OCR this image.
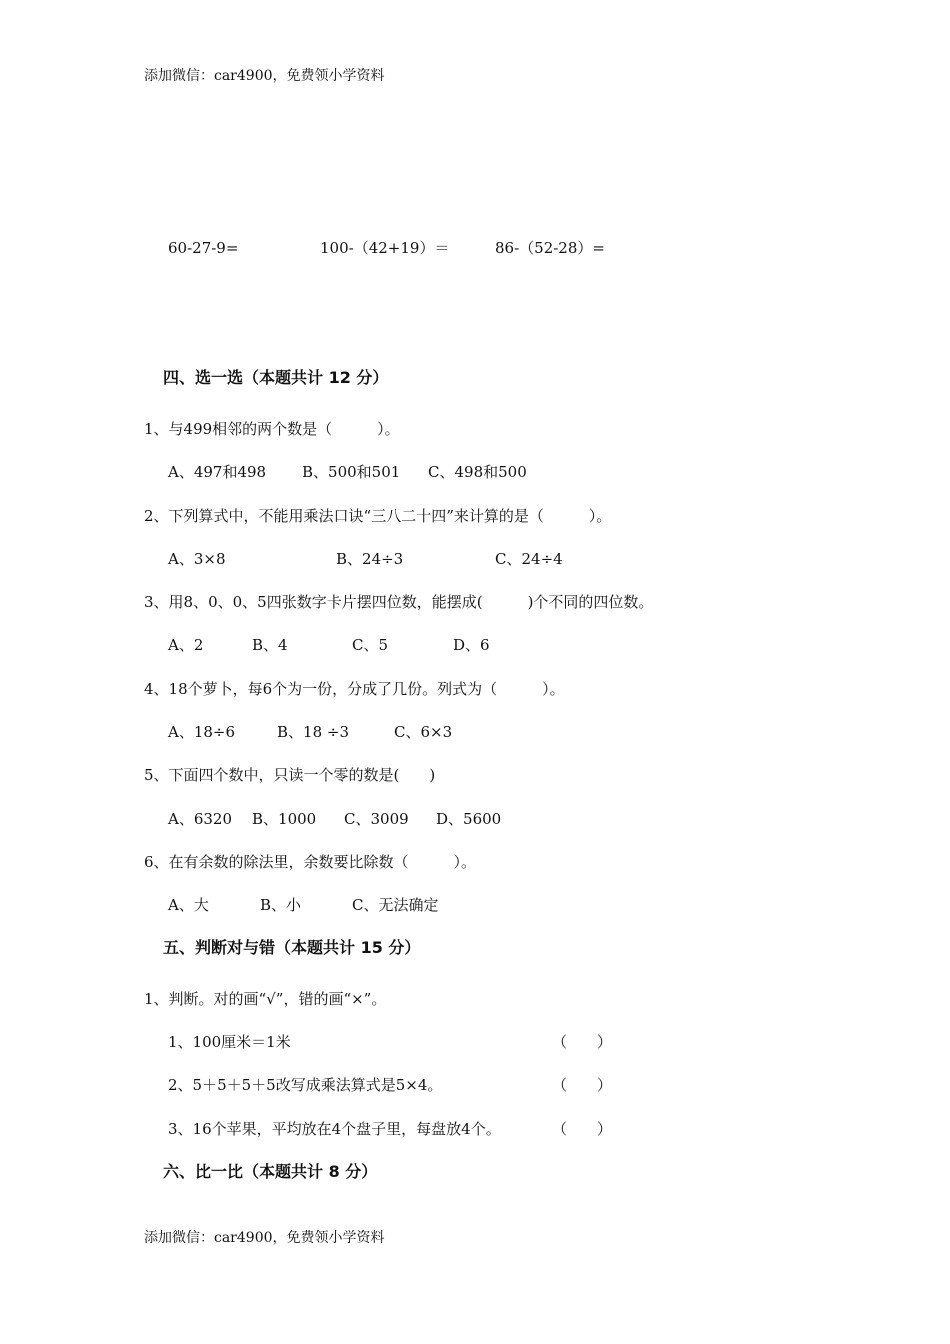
添加微信：car4900，免费领小学资料
60-27-9=	100-（42+19）＝	86-（52-28）=
四、选一选（本题共计 12 分）
1、与499相邻的两个数是（　　　）。
A、497和498 B、500和501 C、498和500
2、下列算式中，不能用乘法口诀“三八二十四”来计算的是（　　　）。
A、3×8	B、24÷3	C、24÷4
3、用8、0、0、5四张数字卡片摆四位数，能摆成(　　　)个不同的四位数。
A、2	B、4	C、5	D、6
4、18个萝卜，每6个为一份，分成了几份。列式为（　　　）。
A、18÷6	B、18 ÷3	C、6×3
5、下面四个数中，只读一个零的数是(　　)
A、6320 B、1000 C、3009 D、5600
6、在有余数的除法里，余数要比除数（　　　）。
A、大	B、小	C、无法确定
五、判断对与错（本题共计 15 分）
1、判断。对的画“√”，错的画“×”。
1、100厘米＝1米	（　　）
2、5＋5＋5＋5改写成乘法算式是5×4。	（　　）
3、16个苹果，平均放在4个盘子里，每盘放4个。	（　　）
六、比一比（本题共计 8 分）
添加微信：car4900，免费领小学资料
